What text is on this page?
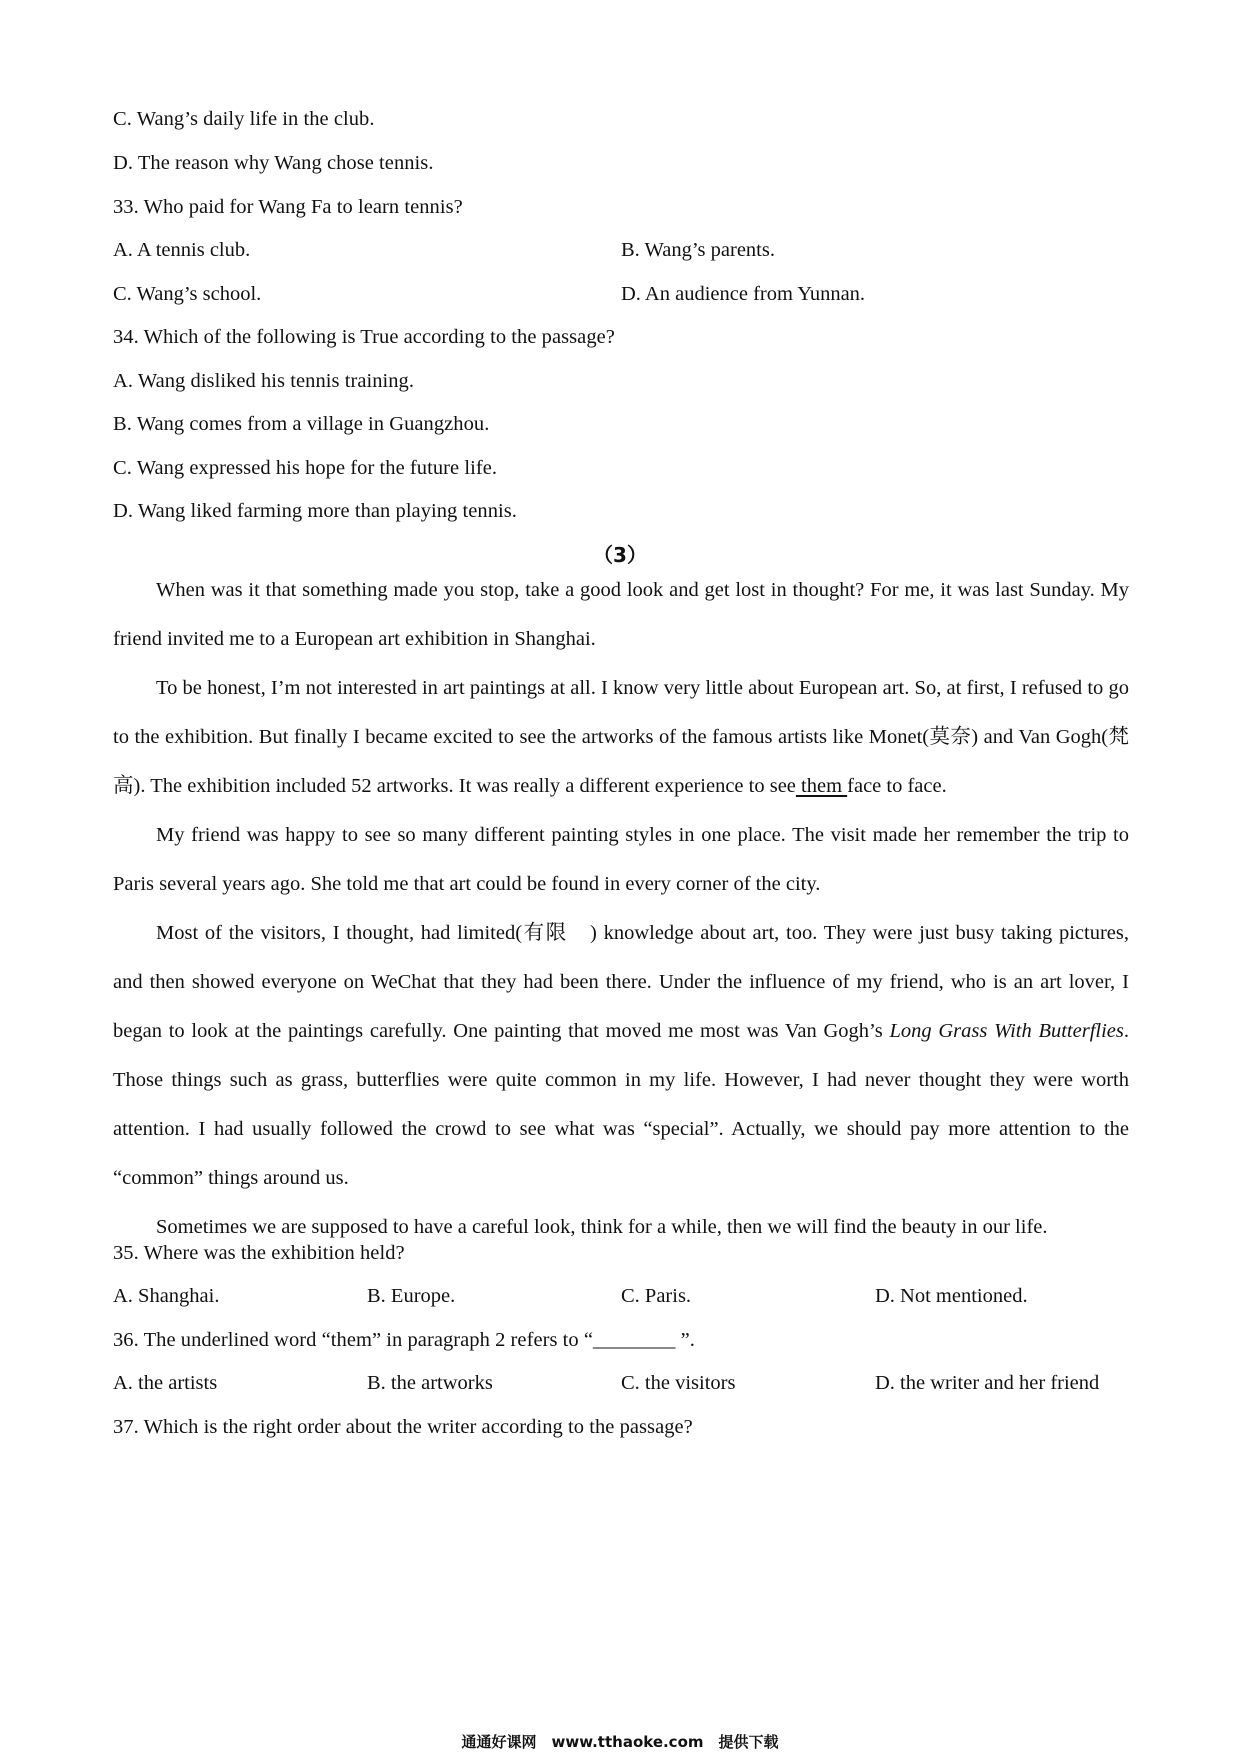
C. Wang’s daily life in the club.
D. The reason why Wang chose tennis.
33. Who paid for Wang Fa to learn tennis?
A. A tennis club.	B. Wang’s parents.
C. Wang’s school.	D. An audience from Yunnan.
34. Which of the following is True according to the passage?
A. Wang disliked his tennis training.
B. Wang comes from a village in Guangzhou.
C. Wang expressed his hope for the future life.
D. Wang liked farming more than playing tennis.
（3）

When was it that something made you stop, take a good look and get lost in thought? For me, it was last Sunday. My friend invited me to a European art exhibition in Shanghai.

To be honest, I’m not interested in art paintings at all. I know very little about European art. So, at first, I refused to go to the exhibition. But finally I became excited to see the artworks of the famous artists like Monet(莫奈) and Van Gogh(梵高). The exhibition included 52 artworks. It was really a different experience to see them face to face.

My friend was happy to see so many different painting styles in one place. The visit made her remember the trip to Paris several years ago. She told me that art could be found in every corner of the city.

Most of the visitors, I thought, had limited(有限　) knowledge about art, too. They were just busy taking pictures, and then showed everyone on WeChat that they had been there. Under the influence of my friend, who is an art lover, I began to look at the paintings carefully. One painting that moved me most was Van Gogh’s Long Grass With Butterflies. Those things such as grass, butterflies were quite common in my life. However, I had never thought they were worth attention. I had usually followed the crowd to see what was “special”. Actually, we should pay more attention to the “common” things around us.

Sometimes we are supposed to have a careful look, think for a while, then we will find the beauty in our life.

35. Where was the exhibition held?
A. Shanghai.	B. Europe.	C. Paris.	D. Not mentioned.
36. The underlined word “them” in paragraph 2 refers to “________ ”.
A. the artists	B. the artworks	C. the visitors	D. the writer and her friend
37. Which is the right order about the writer according to the passage?
通通好课网　www.tthaoke.com　提供下载
